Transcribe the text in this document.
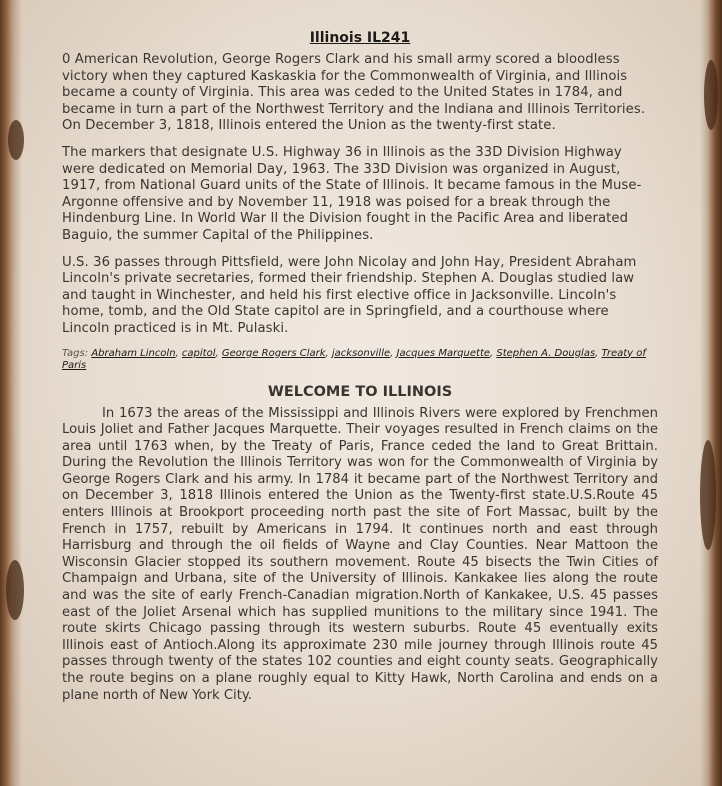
Illinois IL241

0 American Revolution, George Rogers Clark and his small army scored a bloodless victory when they captured Kaskaskia for the Commonwealth of Virginia, and Illinois became a county of Virginia. This area was ceded to the United States in 1784, and became in turn a part of the Northwest Territory and the Indiana and Illinois Territories. On December 3, 1818, Illinois entered the Union as the twenty-first state.

The markers that designate U.S. Highway 36 in Illinois as the 33D Division Highway were dedicated on Memorial Day, 1963. The 33D Division was organized in August, 1917, from National Guard units of the State of Illinois. It became famous in the Muse-Argonne offensive and by November 11, 1918 was poised for a break through the Hindenburg Line. In World War II the Division fought in the Pacific Area and liberated Baguio, the summer Capital of the Philippines.

U.S. 36 passes through Pittsfield, were John Nicolay and John Hay, President Abraham Lincoln's private secretaries, formed their friendship. Stephen A. Douglas studied law and taught in Winchester, and held his first elective office in Jacksonville. Lincoln's home, tomb, and the Old State capitol are in Springfield, and a courthouse where Lincoln practiced is in Mt. Pulaski.

Tags: Abraham Lincoln, capitol, George Rogers Clark, jacksonville, Jacques Marquette, Stephen A. Douglas, Treaty of Paris
WELCOME TO ILLINOIS

In 1673 the areas of the Mississippi and Illinois Rivers were explored by Frenchmen Louis Joliet and Father Jacques Marquette. Their voyages resulted in French claims on the area until 1763 when, by the Treaty of Paris, France ceded the land to Great Brittain. During the Revolution the Illinois Territory was won for the Commonwealth of Virginia by George Rogers Clark and his army. In 1784 it became part of the Northwest Territory and on December 3, 1818 Illinois entered the Union as the Twenty-first state.U.S.Route 45 enters Illinois at Brookport proceeding north past the site of Fort Massac, built by the French in 1757, rebuilt by Americans in 1794. It continues north and east through Harrisburg and through the oil fields of Wayne and Clay Counties. Near Mattoon the Wisconsin Glacier stopped its southern movement. Route 45 bisects the Twin Cities of Champaign and Urbana, site of the University of Illinois. Kankakee lies along the route and was the site of early French-Canadian migration.North of Kankakee, U.S. 45 passes east of the Joliet Arsenal which has supplied munitions to the military since 1941. The route skirts Chicago passing through its western suburbs. Route 45 eventually exits Illinois east of Antioch.Along its approximate 230 mile journey through Illinois route 45 passes through twenty of the states 102 counties and eight county seats. Geographically the route begins on a plane roughly equal to Kitty Hawk, North Carolina and ends on a plane north of New York City.
